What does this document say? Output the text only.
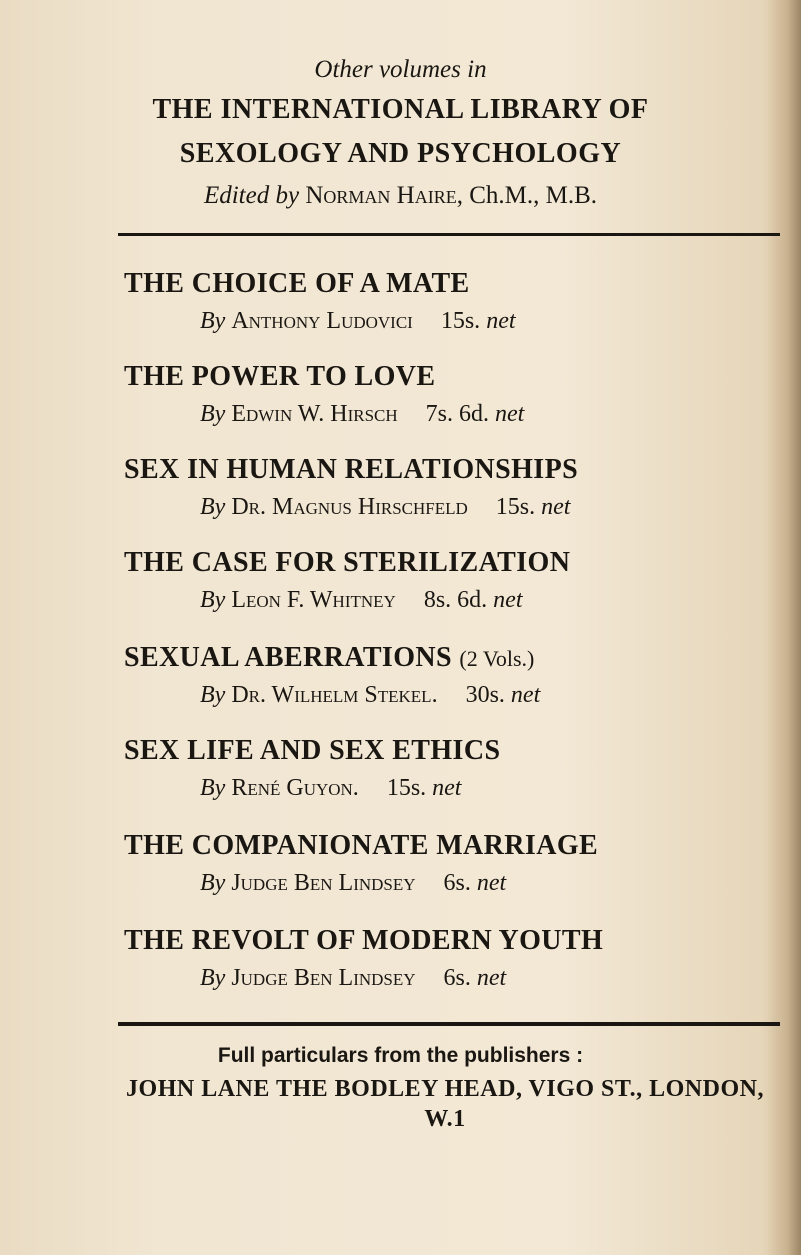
Other volumes in
THE INTERNATIONAL LIBRARY OF
SEXOLOGY AND PSYCHOLOGY
Edited by Norman Haire, Ch.M., M.B.
THE CHOICE OF A MATE
By Anthony Ludovici 15s. net
THE POWER TO LOVE
By Edwin W. Hirsch 7s. 6d. net
SEX IN HUMAN RELATIONSHIPS
By Dr. Magnus Hirschfeld 15s. net
THE CASE FOR STERILIZATION
By Leon F. Whitney 8s. 6d. net
SEXUAL ABERRATIONS (2 Vols.)
By Dr. Wilhelm Stekel. 30s. net
SEX LIFE AND SEX ETHICS
By René Guyon. 15s. net
THE COMPANIONATE MARRIAGE
By Judge Ben Lindsey 6s. net
THE REVOLT OF MODERN YOUTH
By Judge Ben Lindsey 6s. net
Full particulars from the publishers :
JOHN LANE THE BODLEY HEAD, VIGO ST., LONDON,
W.1
